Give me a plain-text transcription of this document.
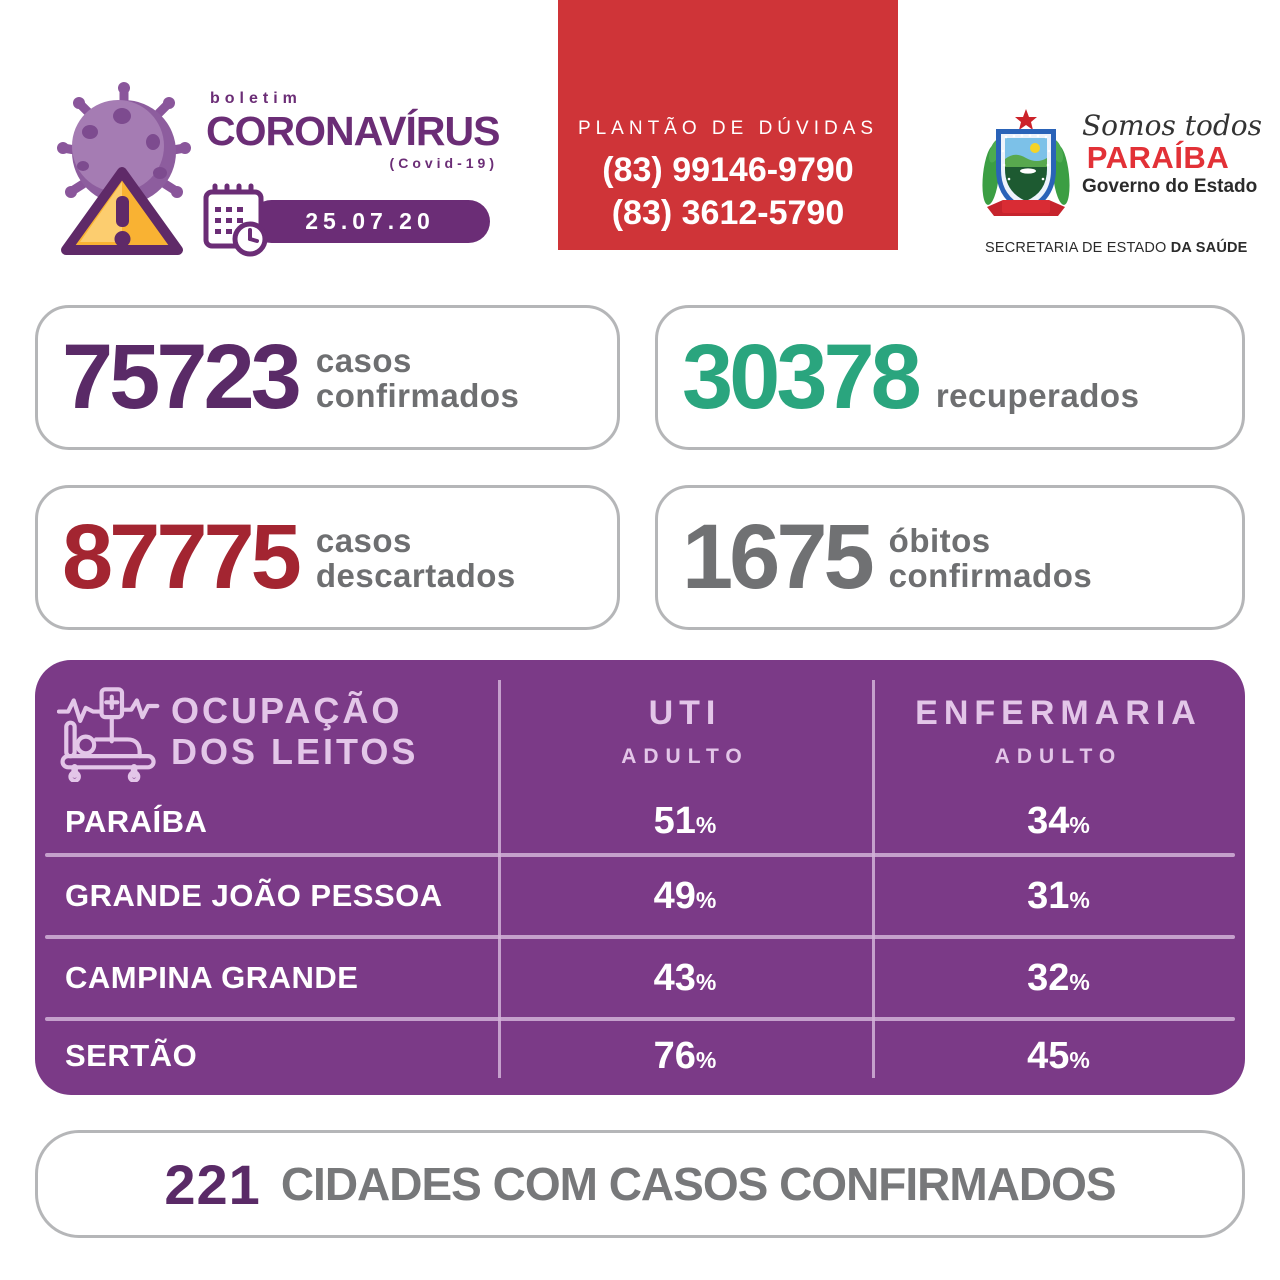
boletim
CORONAVÍRUS
(Covid-19)
25.07.20
PLANTÃO DE DÚVIDAS
(83) 99146-9790
(83) 3612-5790
Somos todos
PARAÍBA
Governo do Estado
SECRETARIA DE ESTADO DA SAÚDE
75723 casos
confirmados 30378 recuperados
87775 casos
descartados 1675 óbitos
confirmados
OCUPAÇÃO
DOS LEITOS
UTI
ADULTO
ENFERMARIA
ADULTO
PARAÍBA	51%	34%
GRANDE JOÃO PESSOA	49%	31%
CAMPINA GRANDE	43%	32%
SERTÃO	76%	45%
221 CIDADES COM CASOS CONFIRMADOS
